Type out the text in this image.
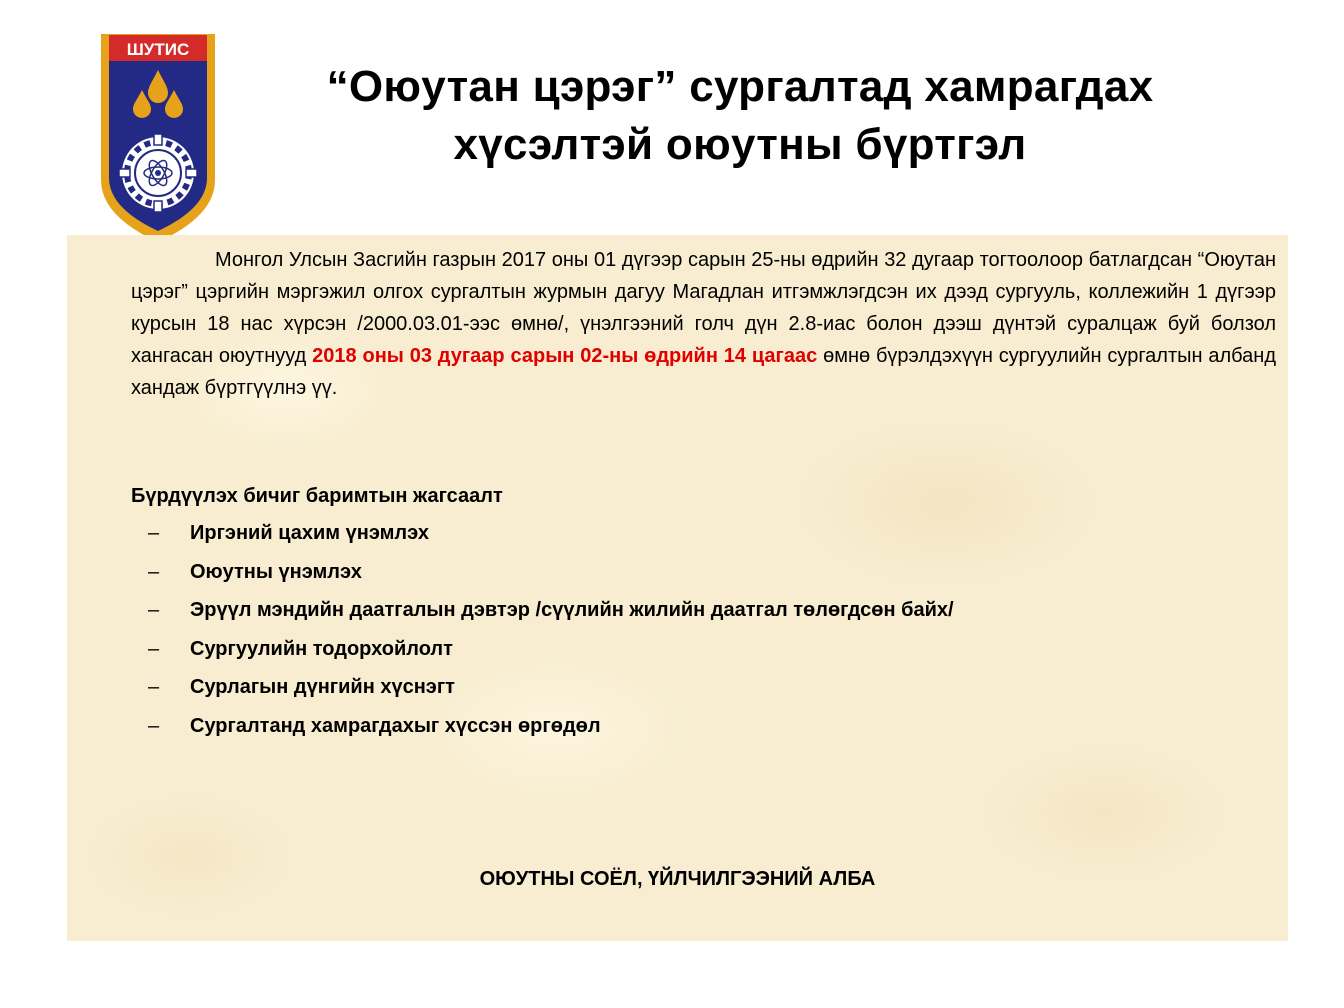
ШУТИС
“Оюутан цэрэг” сургалтад хамрагдах
хүсэлтэй оюутны бүртгэл
Монгол Улсын Засгийн газрын 2017 оны 01 дүгээр сарын 25-ны өдрийн 32 дугаар тогтоолоор батлагдсан “Оюутан цэрэг” цэргийн мэргэжил олгох сургалтын журмын дагуу Магадлан итгэмжлэгдсэн их дээд сургууль, коллежийн 1 дүгээр курсын 18 нас хүрсэн /2000.03.01-ээс өмнө/, үнэлгээний голч дүн 2.8-иас болон дээш дүнтэй суралцаж буй болзол хангасан оюутнууд 2018 оны 03 дугаар сарын 02-ны өдрийн 14 цагаас өмнө бүрэлдэхүүн сургуулийн сургалтын албанд хандаж бүртгүүлнэ үү.
Бүрдүүлэх бичиг баримтын жагсаалт
– Иргэний цахим үнэмлэх
– Оюутны үнэмлэх
– Эрүүл мэндийн даатгалын дэвтэр /сүүлийн жилийн даатгал төлөгдсөн байх/
– Сургуулийн тодорхойлолт
– Сурлагын дүнгийн хүснэгт
– Сургалтанд хамрагдахыг хүссэн өргөдөл
ОЮУТНЫ СОЁЛ, ҮЙЛЧИЛГЭЭНИЙ АЛБА
